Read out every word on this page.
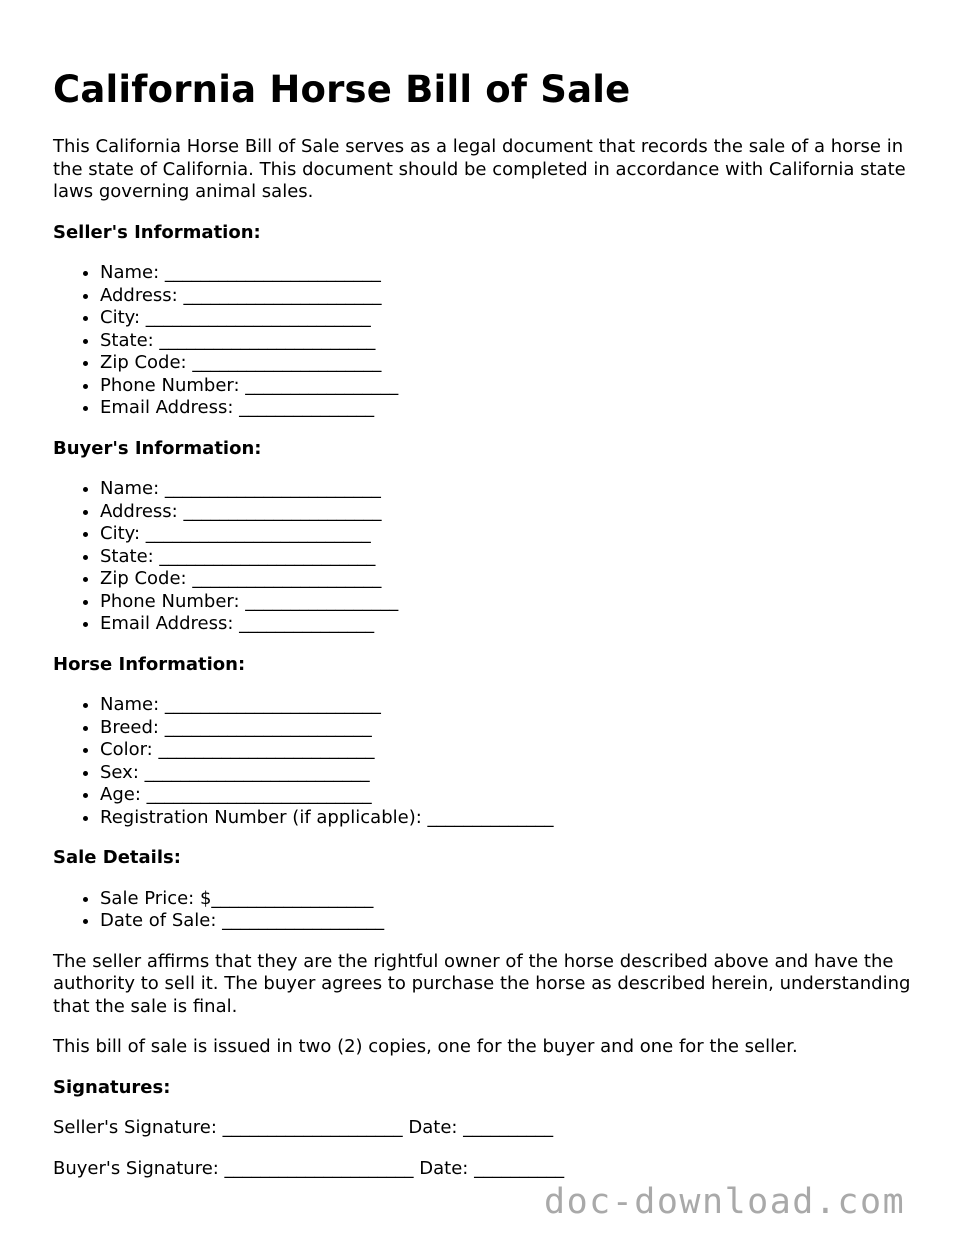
California Horse Bill of Sale

This California Horse Bill of Sale serves as a legal document that records the sale of a horse in the state of California. This document should be completed in accordance with California state laws governing animal sales.

Seller's Information:
• Name: ________________________
• Address: ______________________
• City: _________________________
• State: ________________________
• Zip Code: _____________________
• Phone Number: _________________
• Email Address: _______________
Buyer's Information:
• Name: ________________________
• Address: ______________________
• City: _________________________
• State: ________________________
• Zip Code: _____________________
• Phone Number: _________________
• Email Address: _______________
Horse Information:
• Name: ________________________
• Breed: _______________________
• Color: ________________________
• Sex: _________________________
• Age: _________________________
• Registration Number (if applicable): ______________
Sale Details:
• Sale Price: $__________________
• Date of Sale: __________________

The seller affirms that they are the rightful owner of the horse described above and have the authority to sell it. The buyer agrees to purchase the horse as described herein, understanding that the sale is final.

This bill of sale is issued in two (2) copies, one for the buyer and one for the seller.

Signatures:
Seller's Signature: ____________________ Date: __________
Buyer's Signature: _____________________ Date: __________
doc-download.com
